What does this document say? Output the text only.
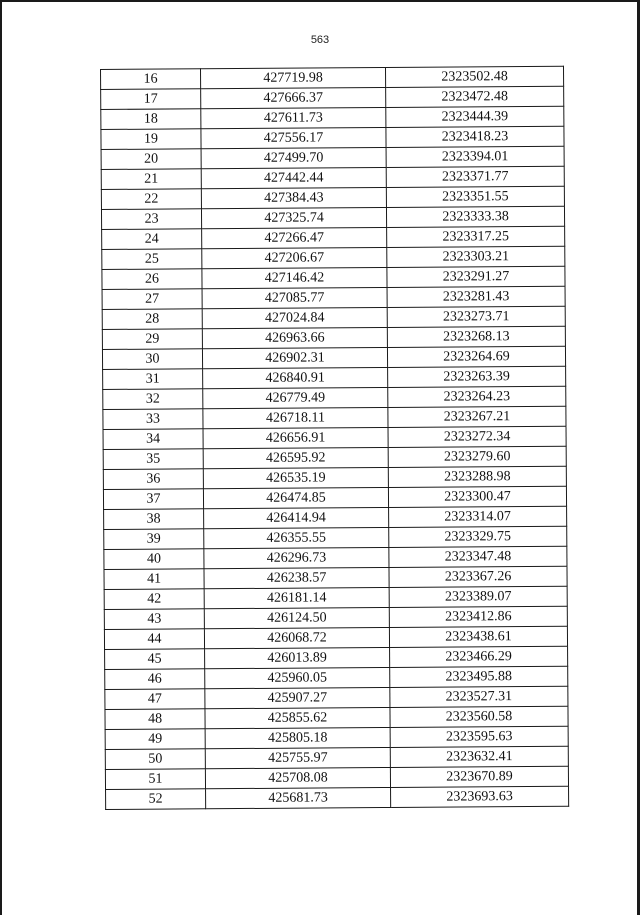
563
16	427719.98	2323502.48
17	427666.37	2323472.48
18	427611.73	2323444.39
19	427556.17	2323418.23
20	427499.70	2323394.01
21	427442.44	2323371.77
22	427384.43	2323351.55
23	427325.74	2323333.38
24	427266.47	2323317.25
25	427206.67	2323303.21
26	427146.42	2323291.27
27	427085.77	2323281.43
28	427024.84	2323273.71
29	426963.66	2323268.13
30	426902.31	2323264.69
31	426840.91	2323263.39
32	426779.49	2323264.23
33	426718.11	2323267.21
34	426656.91	2323272.34
35	426595.92	2323279.60
36	426535.19	2323288.98
37	426474.85	2323300.47
38	426414.94	2323314.07
39	426355.55	2323329.75
40	426296.73	2323347.48
41	426238.57	2323367.26
42	426181.14	2323389.07
43	426124.50	2323412.86
44	426068.72	2323438.61
45	426013.89	2323466.29
46	425960.05	2323495.88
47	425907.27	2323527.31
48	425855.62	2323560.58
49	425805.18	2323595.63
50	425755.97	2323632.41
51	425708.08	2323670.89
52	425681.73	2323693.63
